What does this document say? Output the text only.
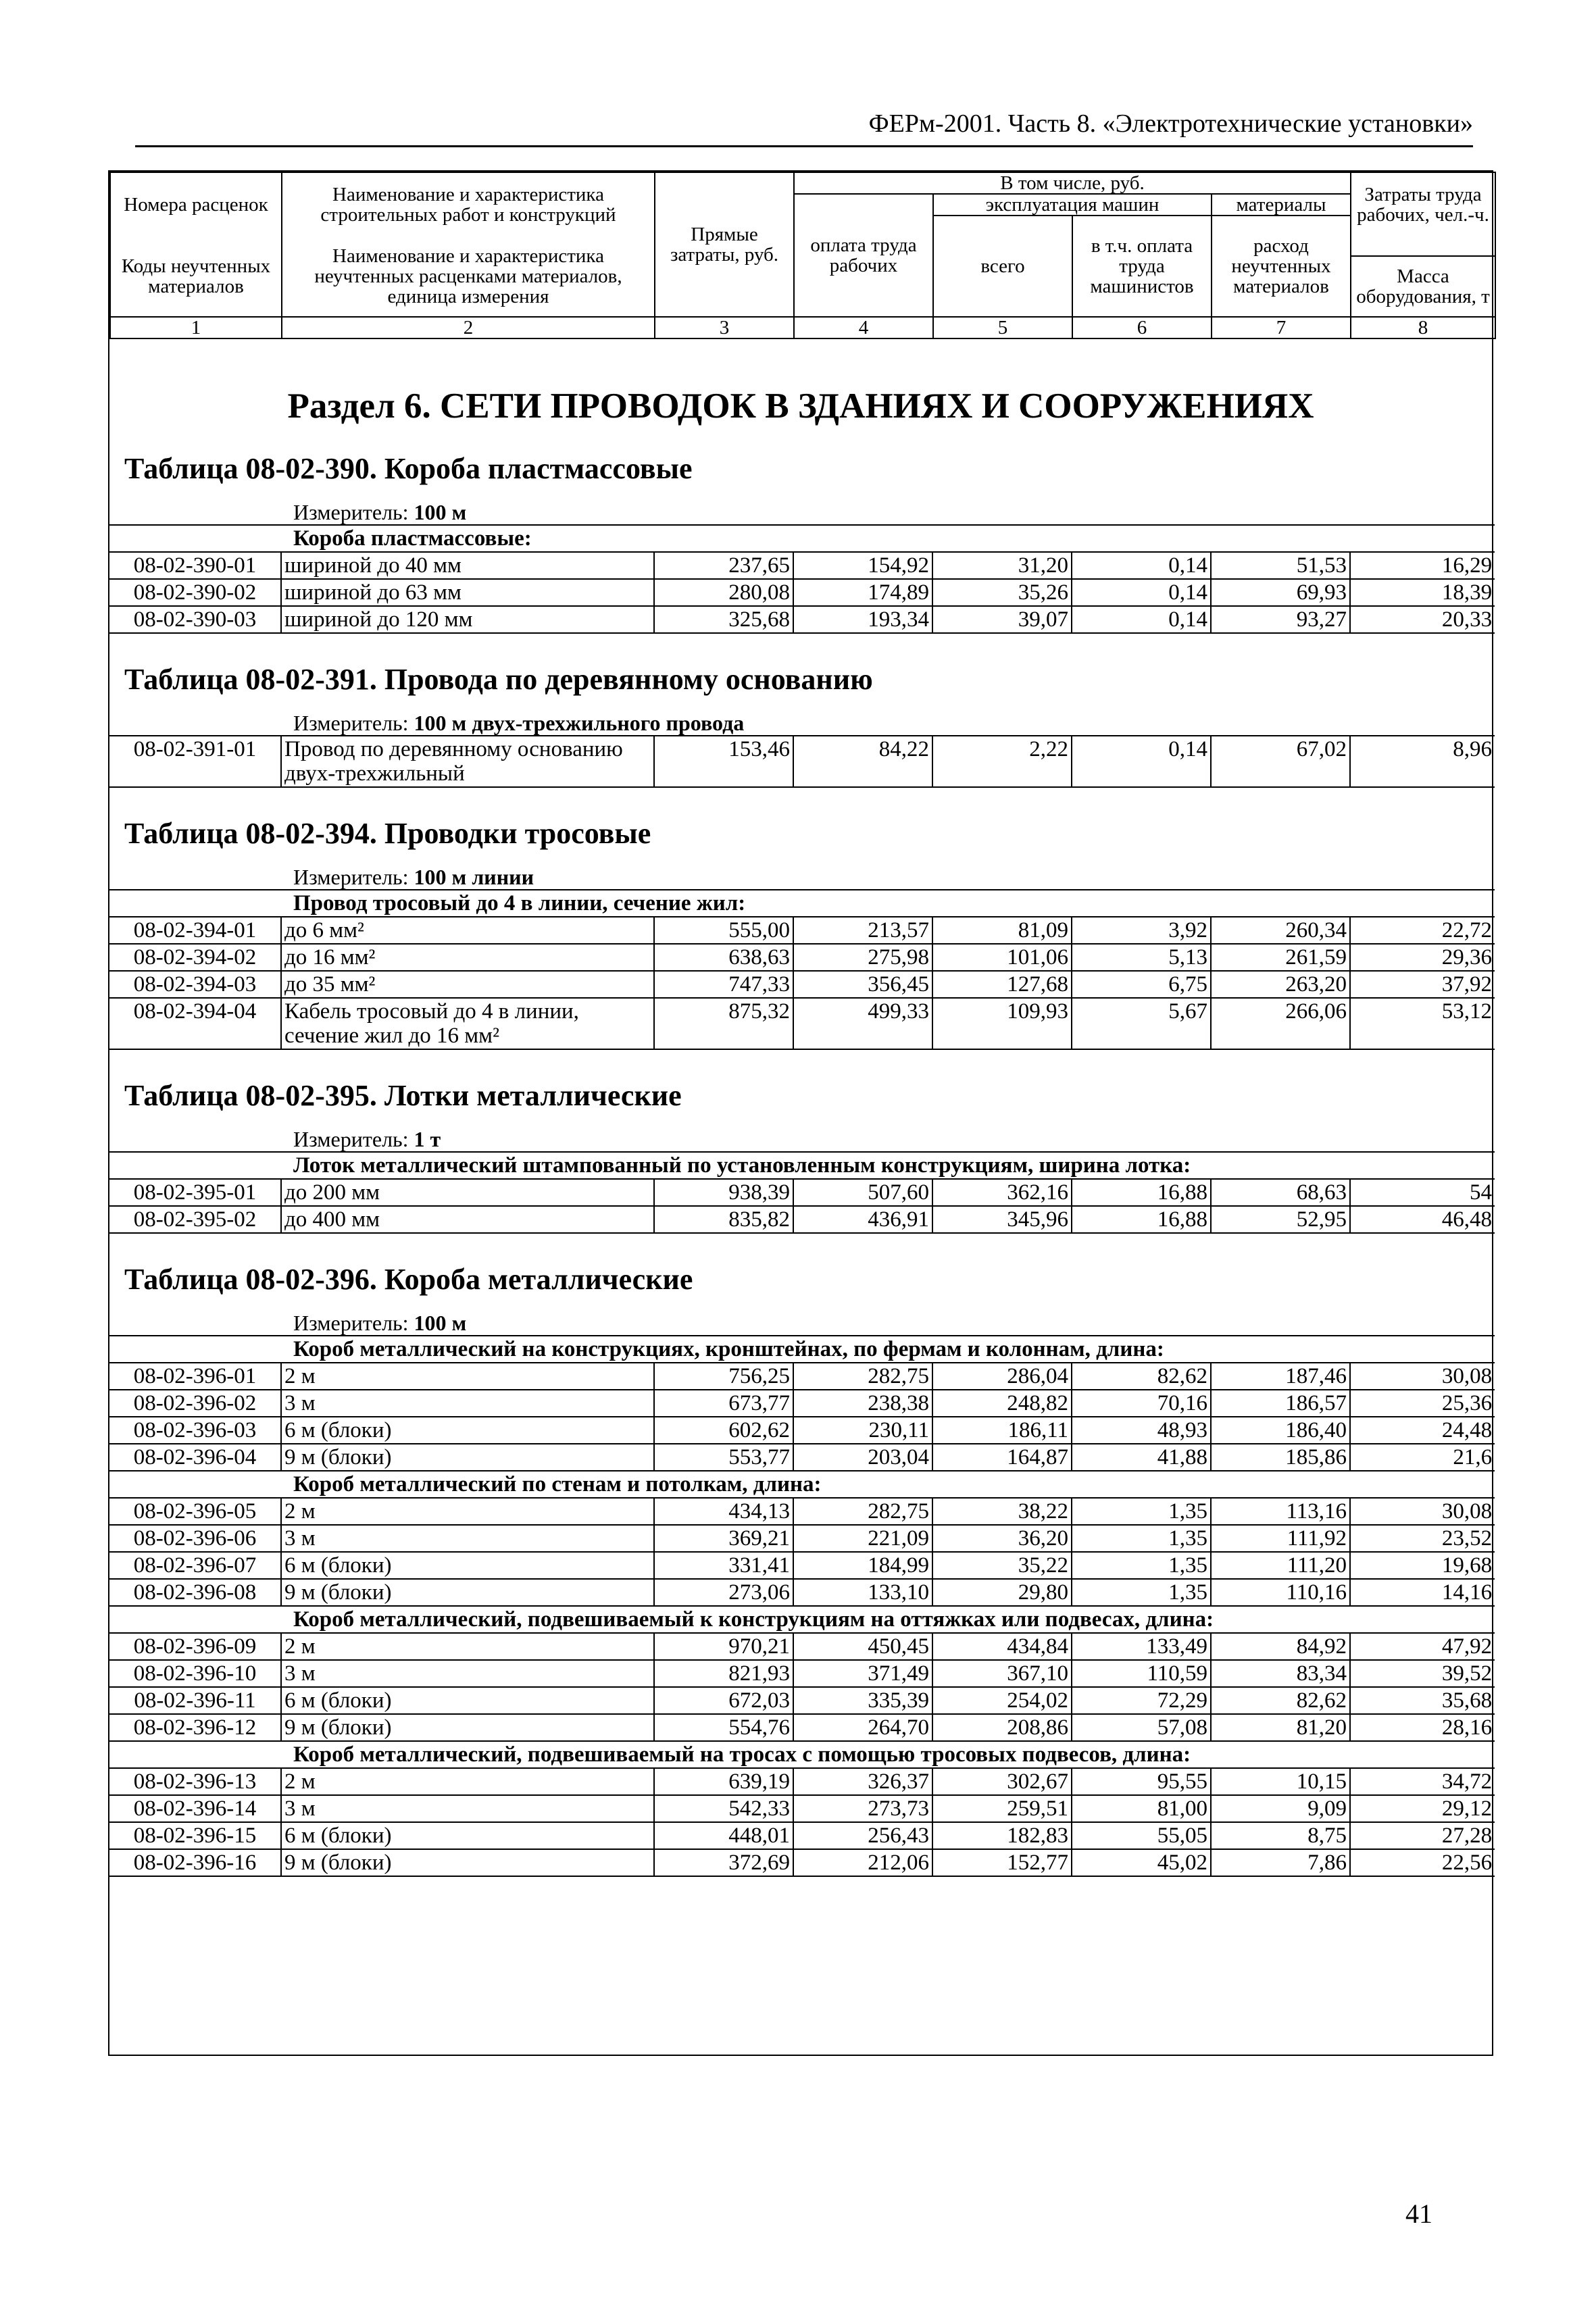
ФЕРм-2001. Часть 8. «Электротехнические установки»
Номера расценок	Наименование и характеристика строительных работ и конструкций	Прямые затраты, руб.	В том числе, руб.				Затраты труда рабочих, чел.-ч.
			оплата труда рабочих	эксплуатация машин		материалы	
				всего	в т.ч. оплата труда машинистов	расход неучтенных материалов	
Коды неучтенных материалов	Наименование и характеристика неучтенных расценками материалов, единица измерения						
							Масса оборудования, т

1	2	3	4	5	6	7	8
Раздел 6. СЕТИ ПРОВОДОК В ЗДАНИЯХ И СООРУЖЕНИЯХ
Таблица 08-02-390. Короба пластмассовые
Измеритель: 100 м
Короба пластмассовые:							
08-02-390-01	шириной до 40 мм	237,65	154,92	31,20	0,14	51,53	16,29
08-02-390-02	шириной до 63 мм	280,08	174,89	35,26	0,14	69,93	18,39
08-02-390-03	шириной до 120 мм	325,68	193,34	39,07	0,14	93,27	20,33
Таблица 08-02-391. Провода по деревянному основанию
Измеритель: 100 м двух-трехжильного провода
08-02-391-01	Провод по деревянному основанию двух-трехжильный	153,46	84,22	2,22	0,14	67,02	8,96
Таблица 08-02-394. Проводки тросовые
Измеритель: 100 м линии
Провод тросовый до 4 в линии, сечение жил:							
08-02-394-01	до 6 мм²	555,00	213,57	81,09	3,92	260,34	22,72
08-02-394-02	до 16 мм²	638,63	275,98	101,06	5,13	261,59	29,36
08-02-394-03	до 35 мм²	747,33	356,45	127,68	6,75	263,20	37,92
08-02-394-04	Кабель тросовый до 4 в линии, сечение жил до 16 мм²	875,32	499,33	109,93	5,67	266,06	53,12
Таблица 08-02-395. Лотки металлические
Измеритель: 1 т
Лоток металлический штампованный по установленным конструкциям, ширина лотка:							
08-02-395-01	до 200 мм	938,39	507,60	362,16	16,88	68,63	54
08-02-395-02	до 400 мм	835,82	436,91	345,96	16,88	52,95	46,48
Таблица 08-02-396. Короба металлические
Измеритель: 100 м
Короб металлический на конструкциях, кронштейнах, по фермам и колоннам, длина:							
08-02-396-01	2 м	756,25	282,75	286,04	82,62	187,46	30,08
08-02-396-02	3 м	673,77	238,38	248,82	70,16	186,57	25,36
08-02-396-03	6 м (блоки)	602,62	230,11	186,11	48,93	186,40	24,48
08-02-396-04	9 м (блоки)	553,77	203,04	164,87	41,88	185,86	21,6
Короб металлический по стенам и потолкам, длина:							
08-02-396-05	2 м	434,13	282,75	38,22	1,35	113,16	30,08
08-02-396-06	3 м	369,21	221,09	36,20	1,35	111,92	23,52
08-02-396-07	6 м (блоки)	331,41	184,99	35,22	1,35	111,20	19,68
08-02-396-08	9 м (блоки)	273,06	133,10	29,80	1,35	110,16	14,16
Короб металлический, подвешиваемый к конструкциям на оттяжках или подвесах, длина:							
08-02-396-09	2 м	970,21	450,45	434,84	133,49	84,92	47,92
08-02-396-10	3 м	821,93	371,49	367,10	110,59	83,34	39,52
08-02-396-11	6 м (блоки)	672,03	335,39	254,02	72,29	82,62	35,68
08-02-396-12	9 м (блоки)	554,76	264,70	208,86	57,08	81,20	28,16
Короб металлический, подвешиваемый на тросах с помощью тросовых подвесов, длина:							
08-02-396-13	2 м	639,19	326,37	302,67	95,55	10,15	34,72
08-02-396-14	3 м	542,33	273,73	259,51	81,00	9,09	29,12
08-02-396-15	6 м (блоки)	448,01	256,43	182,83	55,05	8,75	27,28
08-02-396-16	9 м (блоки)	372,69	212,06	152,77	45,02	7,86	22,56
41
